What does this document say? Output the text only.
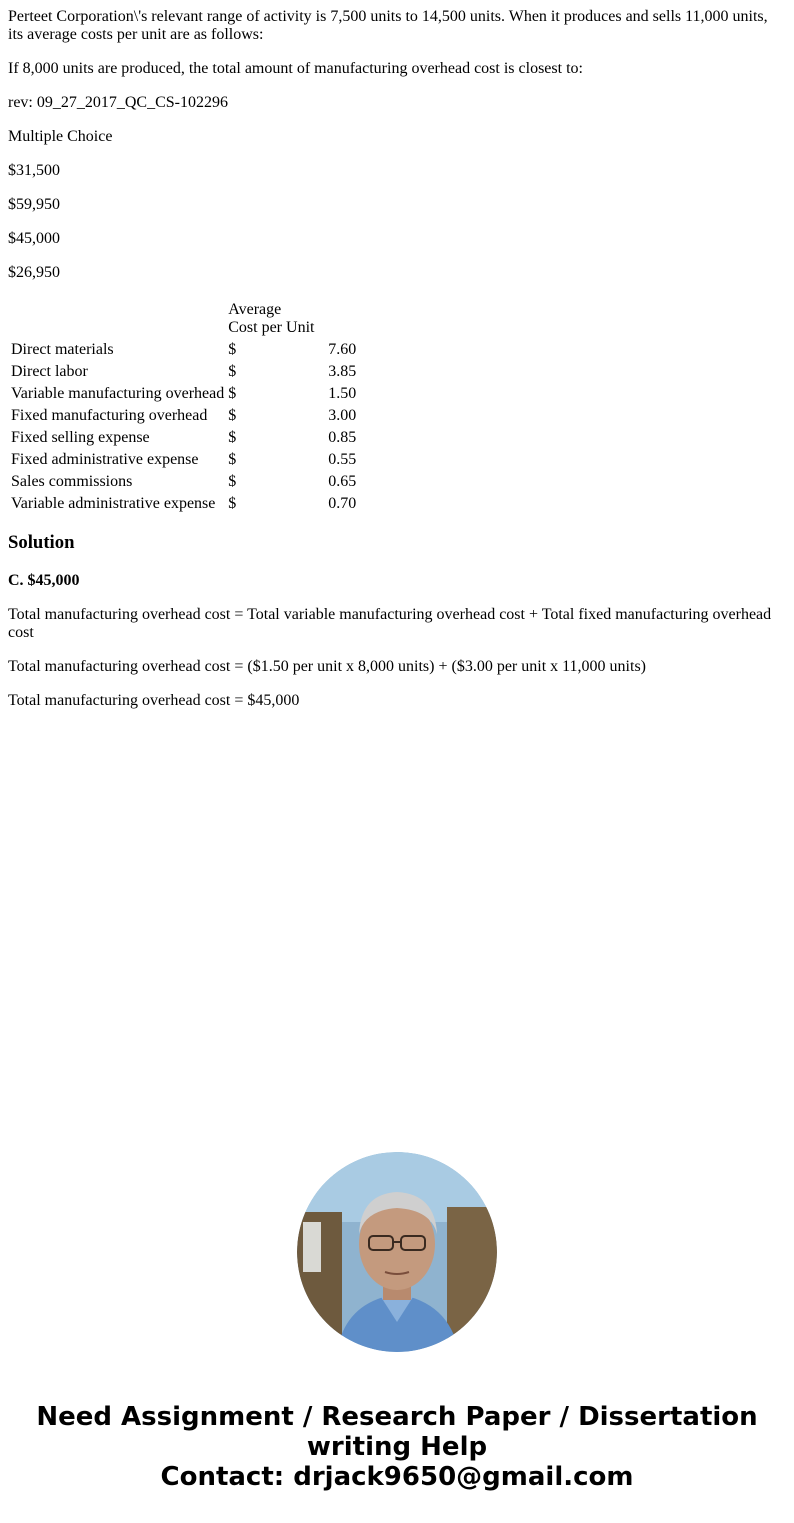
Perteet Corporation\'s relevant range of activity is 7,500 units to 14,500 units. When it produces and sells 11,000 units, its average costs per unit are as follows:

If 8,000 units are produced, the total amount of manufacturing overhead cost is closest to:

rev: 09_27_2017_QC_CS-102296

Multiple Choice

$31,500

$59,950

$45,000

$26,950

	Average
Cost per Unit	
Direct materials	$	7.60
Direct labor	$	3.85
Variable manufacturing overhead	$	1.50
Fixed manufacturing overhead	$	3.00
Fixed selling expense	$	0.85
Fixed administrative expense	$	0.55
Sales commissions	$	0.65
Variable administrative expense	$	0.70
Solution

C. $45,000

Total manufacturing overhead cost = Total variable manufacturing overhead cost + Total fixed manufacturing overhead cost

Total manufacturing overhead cost = ($1.50 per unit x 8,000 units) + ($3.00 per unit x 11,000 units)

Total manufacturing overhead cost = $45,000

Need Assignment / Research Paper / Dissertation
writing Help
Contact: drjack9650@gmail.com
